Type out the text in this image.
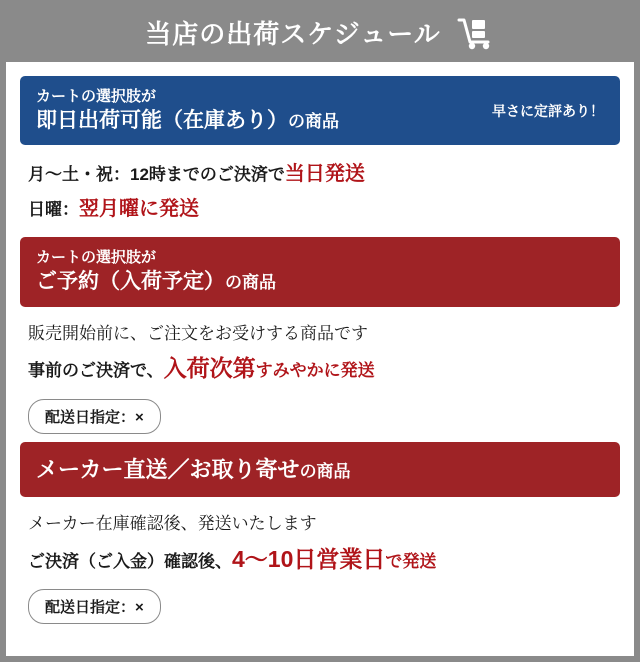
当店の出荷スケジュール
カートの選択肢が
即日出荷可能（在庫あり）の商品
早さに定評あり！
月〜土・祝：12時までのご決済で当日発送
日曜：翌月曜に発送
カートの選択肢が
ご予約（入荷予定）の商品
販売開始前に、ご注文をお受けする商品です
事前のご決済で、入荷次第すみやかに発送
配送日指定：×
メーカー直送／お取り寄せの商品
メーカー在庫確認後、発送いたします
ご決済（ご入金）確認後、4〜10日営業日で発送
配送日指定：×
